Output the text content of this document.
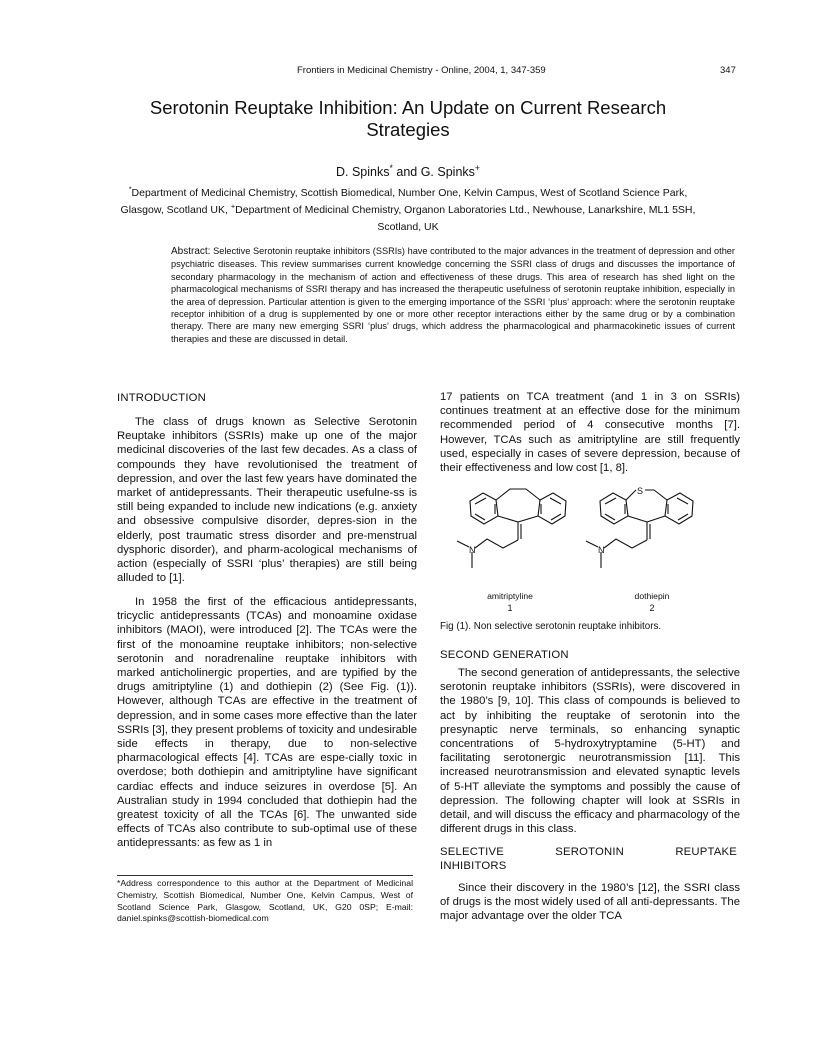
Frontiers in Medicinal Chemistry - Online, 2004, 1, 347-359	347
Serotonin Reuptake Inhibition: An Update on Current Research
Strategies
D. Spinks* and G. Spinks+
*Department of Medicinal Chemistry, Scottish Biomedical, Number One, Kelvin Campus, West of Scotland Science Park, Glasgow, Scotland UK, +Department of Medicinal Chemistry, Organon Laboratories Ltd., Newhouse, Lanarkshire, ML1 5SH, Scotland, UK
Abstract: Selective Serotonin reuptake inhibitors (SSRIs) have contributed to the major advances in the treatment of depression and other psychiatric diseases. This review summarises current knowledge concerning the SSRI class of drugs and discusses the importance of secondary pharmacology in the mechanism of action and effectiveness of these drugs. This area of research has shed light on the pharmacological mechanisms of SSRI therapy and has increased the therapeutic usefulness of serotonin reuptake inhibition, especially in the area of depression. Particular attention is given to the emerging importance of the SSRI ‘plus’ approach: where the serotonin reuptake receptor inhibition of a drug is supplemented by one or more other receptor interactions either by the same drug or by a combination therapy. There are many new emerging SSRI ‘plus’ drugs, which address the pharmacological and pharmacokinetic issues of current therapies and these are discussed in detail.
INTRODUCTION

The class of drugs known as Selective Serotonin Reuptake inhibitors (SSRIs) make up one of the major medicinal discoveries of the last few decades. As a class of compounds they have revolutionised the treatment of depression, and over the last few years have dominated the market of antidepressants. Their therapeutic usefulne-ss is still being expanded to include new indications (e.g. anxiety and obsessive compulsive disorder, depres-sion in the elderly, post traumatic stress disorder and pre-menstrual dysphoric disorder), and pharm-acological mechanisms of action (especially of SSRI ‘plus’ therapies) are still being alluded to [1].

In 1958 the first of the efficacious antidepressants, tricyclic antidepressants (TCAs) and monoamine oxidase inhibitors (MAOI), were introduced [2]. The TCAs were the first of the monoamine reuptake inhibitors; non-selective serotonin and noradrenaline reuptake inhibitors with marked anticholinergic properties, and are typified by the drugs amitriptyline (1) and dothiepin (2) (See Fig. (1)). However, although TCAs are effective in the treatment of depression, and in some cases more effective than the later SSRIs [3], they present problems of toxicity and undesirable side effects in therapy, due to non-selective pharmacological effects [4]. TCAs are espe-cially toxic in overdose; both dothiepin and amitriptyline have significant cardiac effects and induce seizures in overdose [5]. An Australian study in 1994 concluded that dothiepin had the greatest toxicity of all the TCAs [6]. The unwanted side effects of TCAs also contribute to sub-optimal use of these antidepressants: as few as 1 in

*Address correspondence to this author at the Department of Medicinal Chemistry, Scottish Biomedical, Number One, Kelvin Campus, West of Scotland Science Park, Glasgow, Scotland, UK, G20 0SP; E-mail: daniel.spinks@scottish-biomedical.com

17 patients on TCA treatment (and 1 in 3 on SSRIs) continues treatment at an effective dose for the minimum recommended period of 4 consecutive months [7]. However, TCAs such as amitriptyline are still frequently used, especially in cases of severe depression, because of their effectiveness and low cost [1, 8].

N
S
N
amitriptyline
1
dothiepin
2
Fig (1). Non selective serotonin reuptake inhibitors.
SECOND GENERATION

The second generation of antidepressants, the selective serotonin reuptake inhibitors (SSRIs), were discovered in the 1980’s [9, 10]. This class of compounds is believed to act by inhibiting the reuptake of serotonin into the presynaptic nerve terminals, so enhancing synaptic concentrations of 5-hydroxytryptamine (5-HT) and facilitating serotonergic neurotransmission [11]. This increased neurotransmission and elevated synaptic levels of 5-HT alleviate the symptoms and possibly the cause of depression. The following chapter will look at SSRIs in detail, and will discuss the efficacy and pharmacology of the different drugs in this class.

SELECTIVE	SEROTONIN	REUPTAKE
INHIBITORS

Since their discovery in the 1980’s [12], the SSRI class of drugs is the most widely used of all anti-depressants. The major advantage over the older TCA
